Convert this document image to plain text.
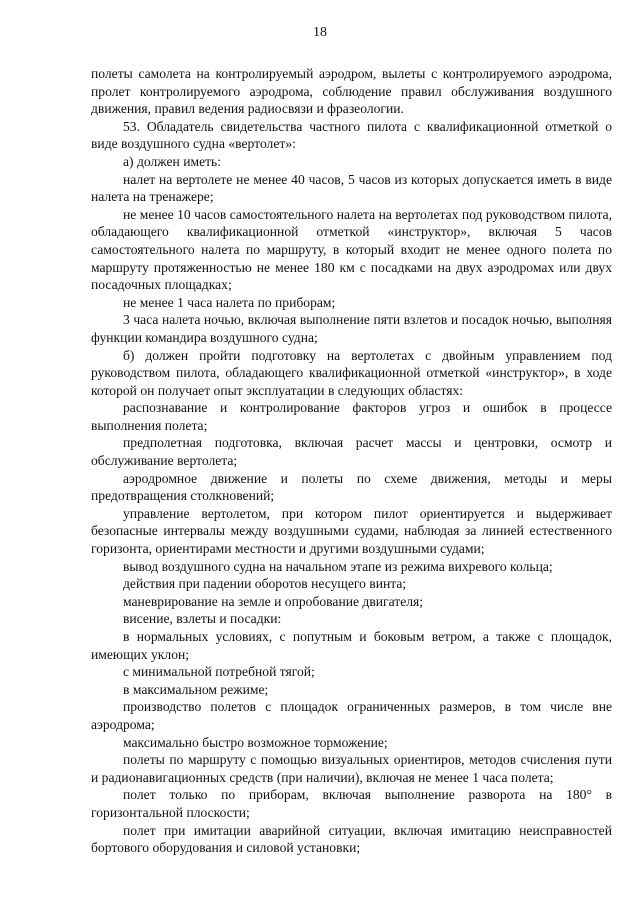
18

полеты самолета на контролируемый аэродром, вылеты с контролируемого аэродрома, пролет контролируемого аэродрома, соблюдение правил обслуживания воздушного движения, правил ведения радиосвязи и фразеологии.

53. Обладатель свидетельства частного пилота с квалификационной отметкой о виде воздушного судна «вертолет»:

а) должен иметь:

налет на вертолете не менее 40 часов, 5 часов из которых допускается иметь в виде налета на тренажере;

не менее 10 часов самостоятельного налета на вертолетах под руководством пилота, обладающего квалификационной отметкой «инструктор», включая 5 часов самостоятельного налета по маршруту, в который входит не менее одного полета по маршруту протяженностью не менее 180 км с посадками на двух аэродромах или двух посадочных площадках;

не менее 1 часа налета по приборам;

3 часа налета ночью, включая выполнение пяти взлетов и посадок ночью, выполняя функции командира воздушного судна;

б) должен пройти подготовку на вертолетах с двойным управлением под руководством пилота, обладающего квалификационной отметкой «инструктор», в ходе которой он получает опыт эксплуатации в следующих областях:

распознавание и контролирование факторов угроз и ошибок в процессе выполнения полета;

предполетная подготовка, включая расчет массы и центровки, осмотр и обслуживание вертолета;

аэродромное движение и полеты по схеме движения, методы и меры предотвращения столкновений;

управление вертолетом, при котором пилот ориентируется и выдерживает безопасные интервалы между воздушными судами, наблюдая за линией естественного горизонта, ориентирами местности и другими воздушными судами;

вывод воздушного судна на начальном этапе из режима вихревого кольца;

действия при падении оборотов несущего винта;

маневрирование на земле и опробование двигателя;

висение, взлеты и посадки:

в нормальных условиях, с попутным и боковым ветром, а также с площадок, имеющих уклон;

с минимальной потребной тягой;

в максимальном режиме;

производство полетов с площадок ограниченных размеров, в том числе вне аэродрома;

максимально быстро возможное торможение;

полеты по маршруту с помощью визуальных ориентиров, методов счисления пути и радионавигационных средств (при наличии), включая не менее 1 часа полета;

полет только по приборам, включая выполнение разворота на 180° в горизонтальной плоскости;

полет при имитации аварийной ситуации, включая имитацию неисправностей бортового оборудования и силовой установки;
